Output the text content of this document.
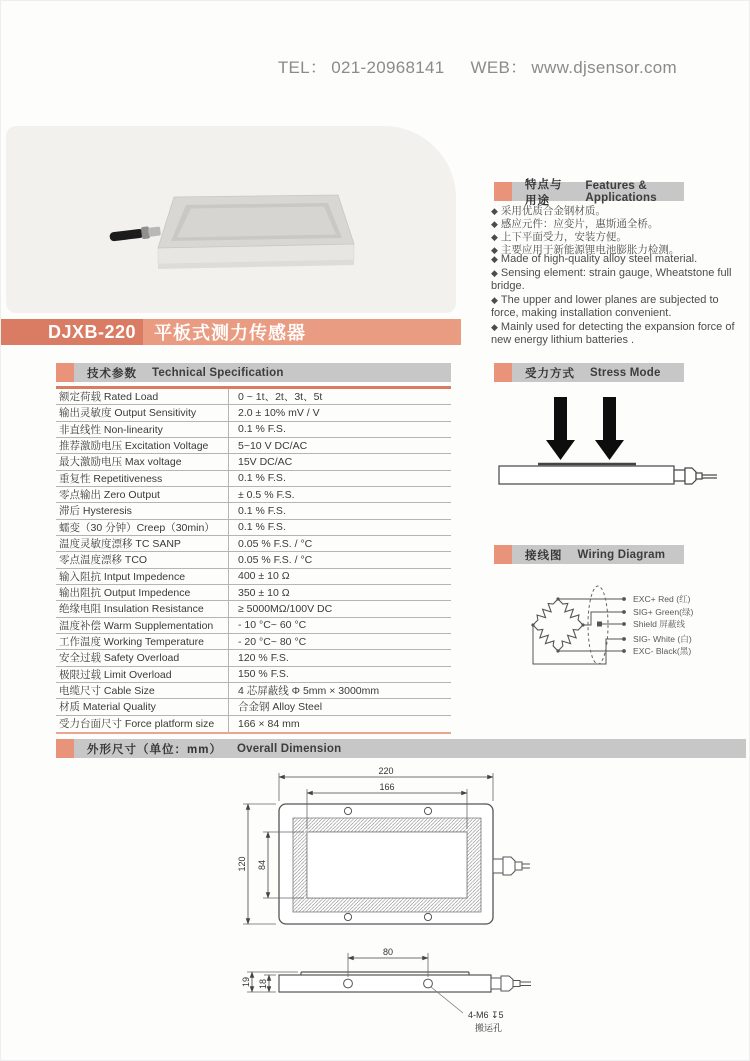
TEL： 021-20968141 WEB： www.djsensor.com
DJXB-220	平板式测力传感器
技术参数 Technical Specification
额定荷载 Rated Load	0 ~ 1t、2t、3t、5t
输出灵敏度 Output Sensitivity	2.0 ± 10% mV / V
非直线性 Non-linearity	0.1 % F.S.
推荐激励电压 Excitation Voltage	5~10 V DC/AC
最大激励电压 Max voltage	15V DC/AC
重复性 Repetitiveness	0.1 % F.S.
零点输出 Zero Output	± 0.5 % F.S.
滞后 Hysteresis	0.1 % F.S.
蠕变（30 分钟）Creep（30min）	0.1 % F.S.
温度灵敏度漂移 TC SANP	0.05 % F.S. / °C
零点温度漂移 TCO	0.05 % F.S. / °C
输入阻抗 Intput Impedence	400 ± 10 Ω
输出阻抗 Output Impedence	350 ± 10 Ω
绝缘电阻 Insulation Resistance	≥ 5000MΩ/100V DC
温度补偿 Warm Supplementation	- 10 °C~ 60 °C
工作温度 Working Temperature	- 20 °C~ 80 °C
安全过载 Safety Overload	120 % F.S.
极限过载 Limit Overload	150 % F.S.
电缆尺寸 Cable Size	4 芯屏蔽线 Φ 5mm × 3000mm
材质 Material Quality	合金钢 Alloy Steel
受力台面尺寸 Force platform size	166 × 84 mm
特点与用途
Features & Applications
◆ 采用优质合金钢材质。
◆ 感应元件：应变片，惠斯通全桥。
◆ 上下平面受力，安装方便。
◆ 主要应用于新能源锂电池膨胀力检测。
◆ Made of high-quality alloy steel material.
◆ Sensing element: strain gauge, Wheatstone full bridge.
◆ The upper and lower planes are subjected to force, making installation convenient.
◆ Mainly used for detecting the expansion force of new energy lithium batteries .
受力方式 Stress Mode
接线图 Wiring Diagram
EXC+ Red (红)
SIG+ Green(绿)
Shield 屏蔽线
SIG- White (白)
EXC- Black(黑)
外形尺寸（单位：mm） Overall Dimension
220
166
120 84
80
19 18
4-M6 ↧5
搬运孔
